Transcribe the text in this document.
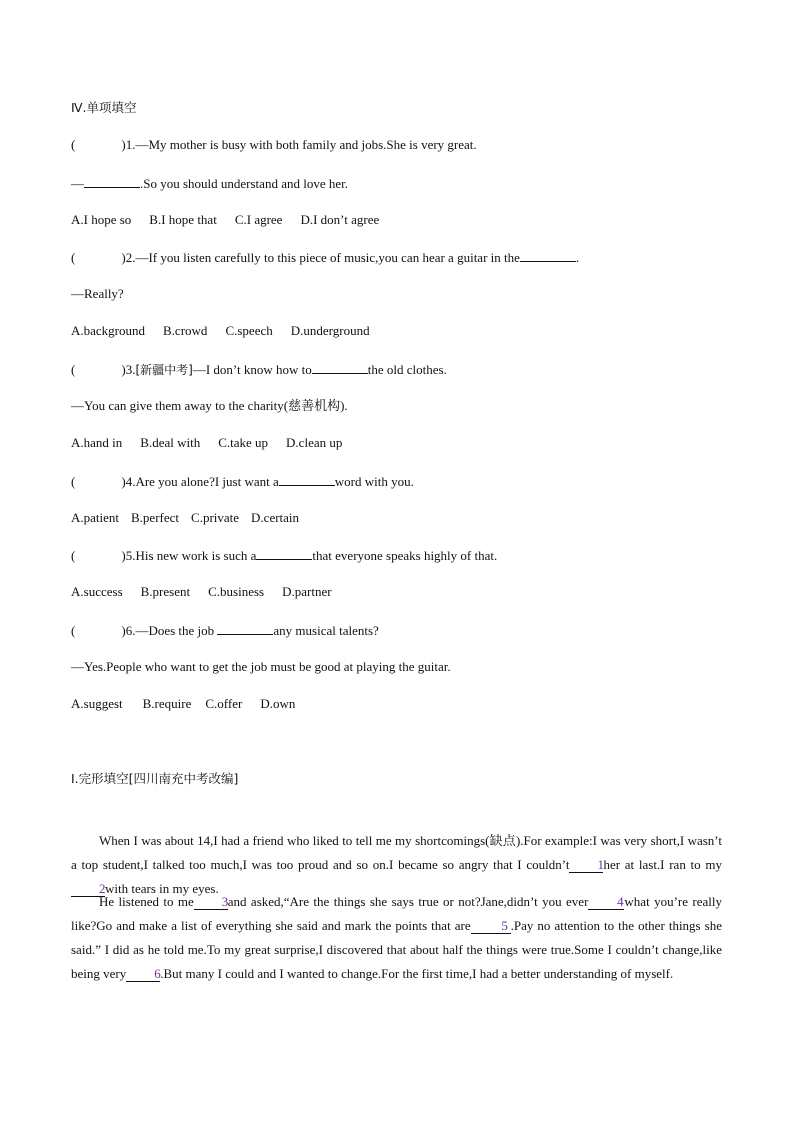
Ⅳ.单项填空
(	)1.—My mother is busy with both family and jobs.She is very great.
—	.So you should understand and love her.
A.I hope so B.I hope that C.I agree D.I don’t agree
(	)2.—If you listen carefully to this piece of music,you can hear a guitar in the	.
—Really?
A.background B.crowd C.speech D.underground
(	)3.[新疆中考]—I don’t know how to	the old clothes.
—You can give them away to the charity(慈善机构).
A.hand in B.deal with C.take up D.clean up
(	)4.Are you alone?I just want a	word with you.
A.patient B.perfect C.private D.certain
(	)5.His new work is such a	that everyone speaks highly of that.
A.success B.present C.business D.partner
(	)6.—Does the job	any musical talents?
—Yes.People who want to get the job must be good at playing the guitar.
A.suggest B.require C.offer D.own
Ⅰ.完形填空[四川南充中考改编]
When I was about 14,I had a friend who liked to tell me my shortcomings(缺点).For example:I was very short,I wasn’t a top student,I talked too much,I was too proud and so on.I became so angry that I couldn’t 1her at last.I ran to my2with tears in my eyes.
He listened to me 3and asked,“Are the things she says true or not?Jane,didn’t you ever 4what you’re really like?Go and make a list of everything she said and mark the points that are 5 .Pay no attention to the other things she said.” I did as he told me.To my great surprise,I discovered that about half the things were true.Some I couldn’t change,like being very 6.But many I could and I wanted to change.For the first time,I had a better understanding of myself.
